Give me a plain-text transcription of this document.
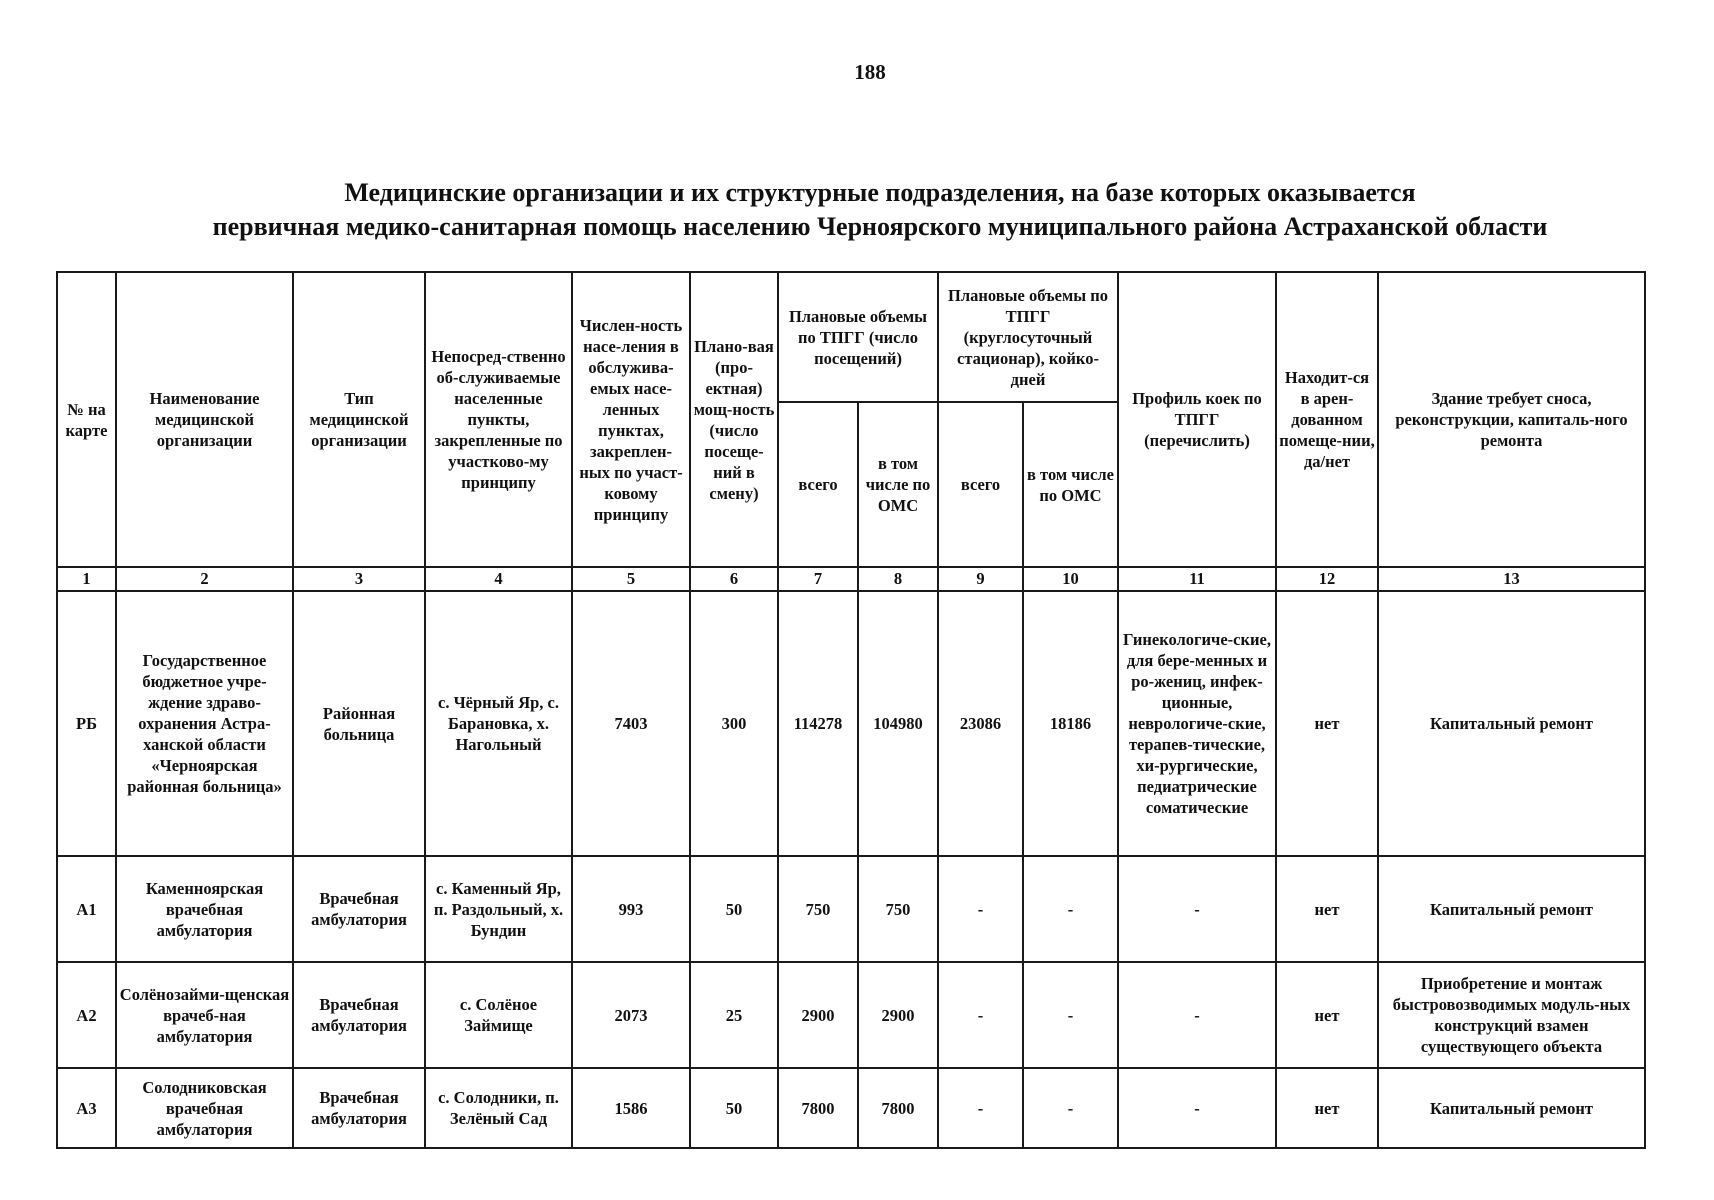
188
Медицинские организации и их структурные подразделения, на базе которых оказывается
первичная медико-санитарная помощь населению Черноярского муниципального района Астраханской области
№ на карте	Наименование медицинской организации	Тип медицинской организации	Непосред-ственно об-служиваемые населенные пункты, закрепленные по участково-му принципу	Числен-ность насе-ления в обслужива-емых насе-ленных пунктах, закреплен-ных по участ-ковому принципу	Плано-вая (про-ектная) мощ-ность (число посеще-ний в смену)	Плановые объемы по ТПГГ (число посещений)		Плановые объемы по ТПГГ (круглосуточный стационар), койко-дней		Профиль коек по ТПГГ (перечислить)	Находит-ся в арен-дованном помеще-нии, да/нет	Здание требует сноса, реконструкции, капиталь-ного ремонта
						всего	в том числе по ОМС	всего	в том числе по ОМС			
1	2	3	4	5	6	7	8	9	10	11	12	13
РБ	Государственное бюджетное учре-ждение здраво-охранения Астра-ханской области «Черноярская районная больница»	Районная больница	с. Чёрный Яр, с. Барановка, х. Нагольный	7403	300	114278	104980	23086	18186	Гинекологиче-ские, для бере-менных и ро-жениц, инфек-ционные, неврологиче-ские, терапев-тические, хи-рургические, педиатрические соматические	нет	Капитальный ремонт
А1	Каменноярская врачебная амбулатория	Врачебная амбулатория	с. Каменный Яр, п. Раздольный, х. Бундин	993	50	750	750	-	-	-	нет	Капитальный ремонт
А2	Солёнозайми-щенская врачеб-ная амбулатория	Врачебная амбулатория	с. Солёное Займище	2073	25	2900	2900	-	-	-	нет	Приобретение и монтаж быстровозводимых модуль-ных конструкций взамен существующего объекта
А3	Солодниковская врачебная амбулатория	Врачебная амбулатория	с. Солодники, п. Зелёный Сад	1586	50	7800	7800	-	-	-	нет	Капитальный ремонт
